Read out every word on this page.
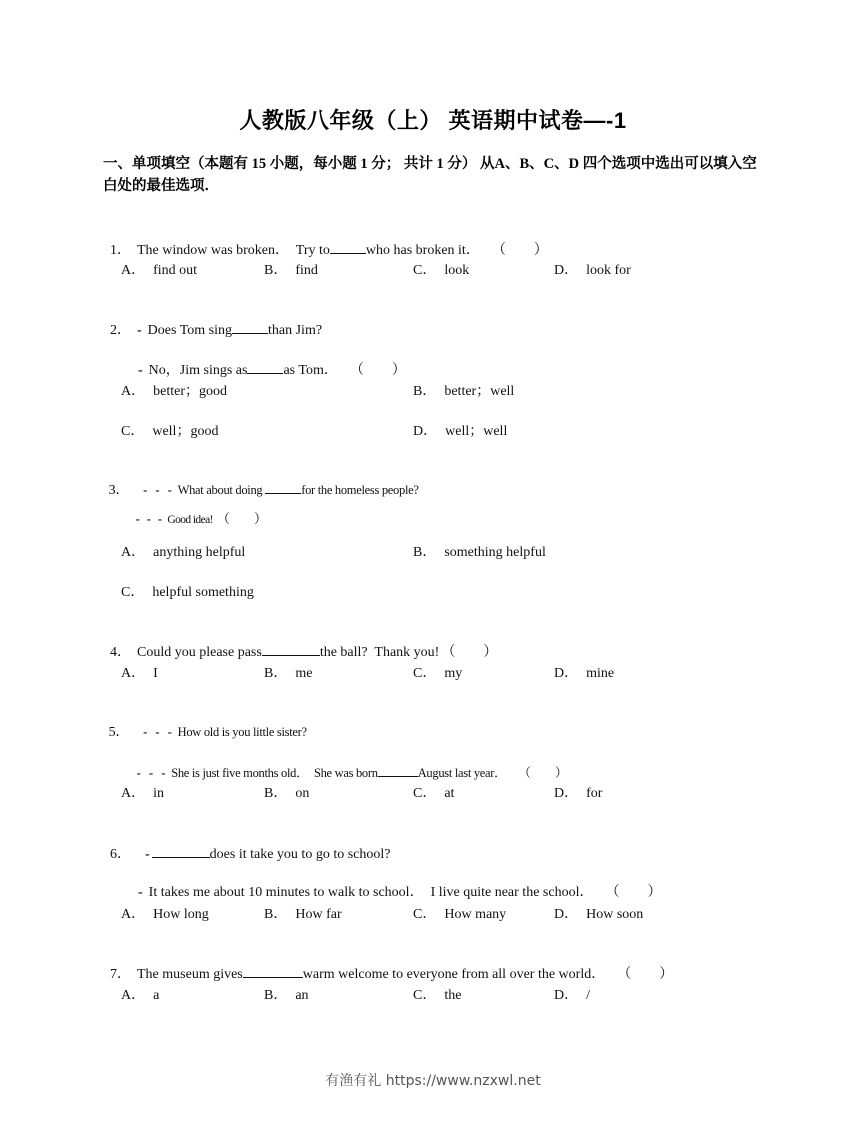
人教版八年级（上） 英语期中试卷—-1
一、单项填空（本题有 15 小题，每小题 1 分； 共计 1 分） 从A、B、C、D 四个选项中选出可以填入空白处的最佳选项．

1． The window was broken．  Try to	who has broken it． （　　）

A． find out	B． find	C． look	D． look for

2． - Does Tom sing	than Jim?

- No，Jim sings as	as Tom． （　　）

A． better；good	B． better；well
C． well；good	D． well；well

3． -   -   - What about doing	for the homeless people?

-   -   - Good idea! （　　）

A． anything helpful	B． something helpful
C． helpful something

4． Could you please pass	the ball?  Thank you! （　　）

A． I	B． me	C． my	D． mine

5． -   -   - How old is you little sister?

-   -   - She is just five months old．  She was born	August last year． （　　）

A． in	B． on	C． at	D． for

6． -	does it take you to go to school?

- It takes me about 10 minutes to walk to school．  I live quite near the school． （　　）

A． How long	B． How far	C． How many	D． How soon

7． The museum gives	warm welcome to everyone from all over the world． （　　）

A． a	B． an	C． the	D． /
有渔有礼 https://www.nzxwl.net
